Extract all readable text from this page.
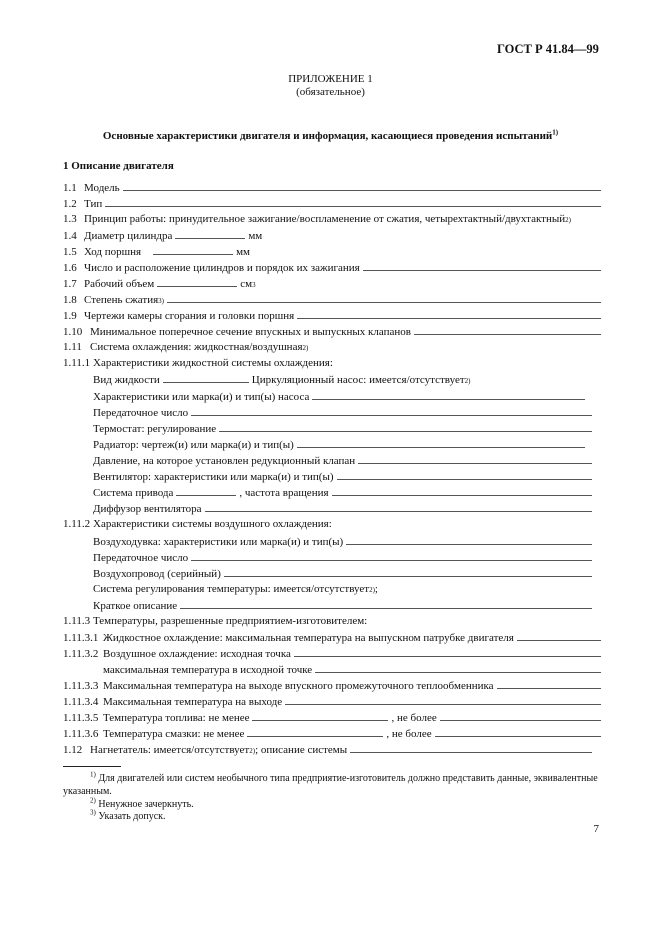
ГОСТ Р 41.84—99
ПРИЛОЖЕНИЕ 1
(обязательное)
Основные характеристики двигателя и информация, касающиеся проведения испытаний$^{1)}$
1 Описание двигателя
1.1 Модель
1.2 Тип
1.3 Принцип работы: принудительное зажигание/воспламенение от сжатия, четырехтактный/двухтактный 2)
1.4 Диаметр цилиндра	мм
1.5 Ход поршня	мм
1.6 Число и расположение цилиндров и порядок их зажигания
1.7 Рабочий объем	см 3
1.8 Степень сжатия 3)
1.9 Чертежи камеры сгорания и головки поршня
1.10 Минимальное поперечное сечение впускных и выпускных клапанов
1.11 Система охлаждения: жидкостная/воздушная 2)
1.11.1 Характеристики жидкостной системы охлаждения:
Вид жидкости	Циркуляционный насос: имеется/отсутствует 2)
Характеристики или марка(и) и тип(ы) насоса
Передаточное число
Термостат: регулирование
Радиатор: чертеж(и) или марка(и) и тип(ы)
Давление, на которое установлен редукционный клапан
Вентилятор: характеристики или марка(и) и тип(ы)
Система привода	, частота вращения
Диффузор вентилятора
1.11.2 Характеристики системы воздушного охлаждения:
Воздуходувка: характеристики или марка(и) и тип(ы)
Передаточное число
Воздухопровод (серийный)
Система регулирования температуры: имеется/отсутствует 2) ;
Краткое описание
1.11.3 Температуры, разрешенные предприятием-изготовителем:
1.11.3.1 Жидкостное охлаждение: максимальная температура на выпускном патрубке двигателя
1.11.3.2 Воздушное охлаждение: исходная точка
максимальная температура в исходной точке
1.11.3.3 Максимальная температура на выходе впускного промежуточного теплообменника
1.11.3.4 Максимальная температура на выходе
1.11.3.5 Температура топлива: не менее	, не более
1.11.3.6 Температура смазки: не менее	, не более
1.12 Нагнетатель: имеется/отсутствует 2) ; описание системы
$^{1)}$ Для двигателей или систем необычного типа предприятие-изготовитель должно представить данные, эквивалентные указанным.
$^{2)}$ Ненужное зачеркнуть.
$^{3)}$ Указать допуск.
7
